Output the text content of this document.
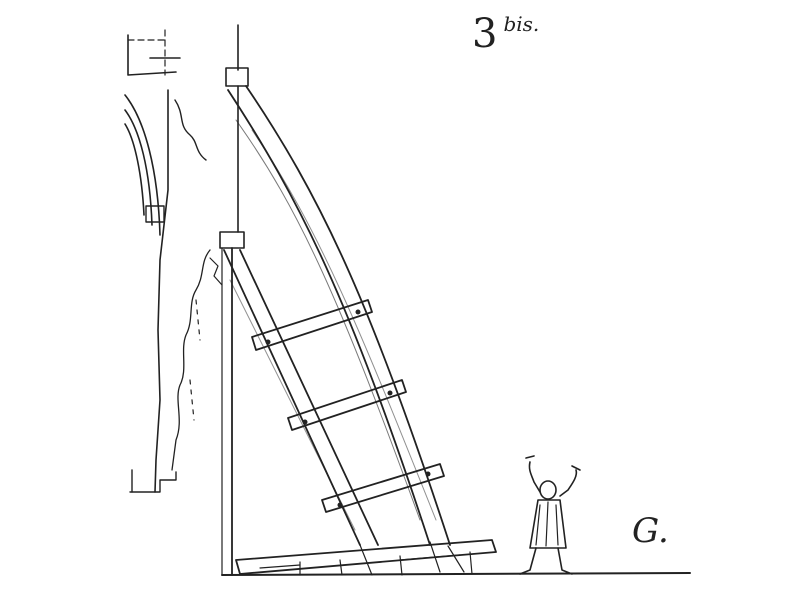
3 bis.
G.
